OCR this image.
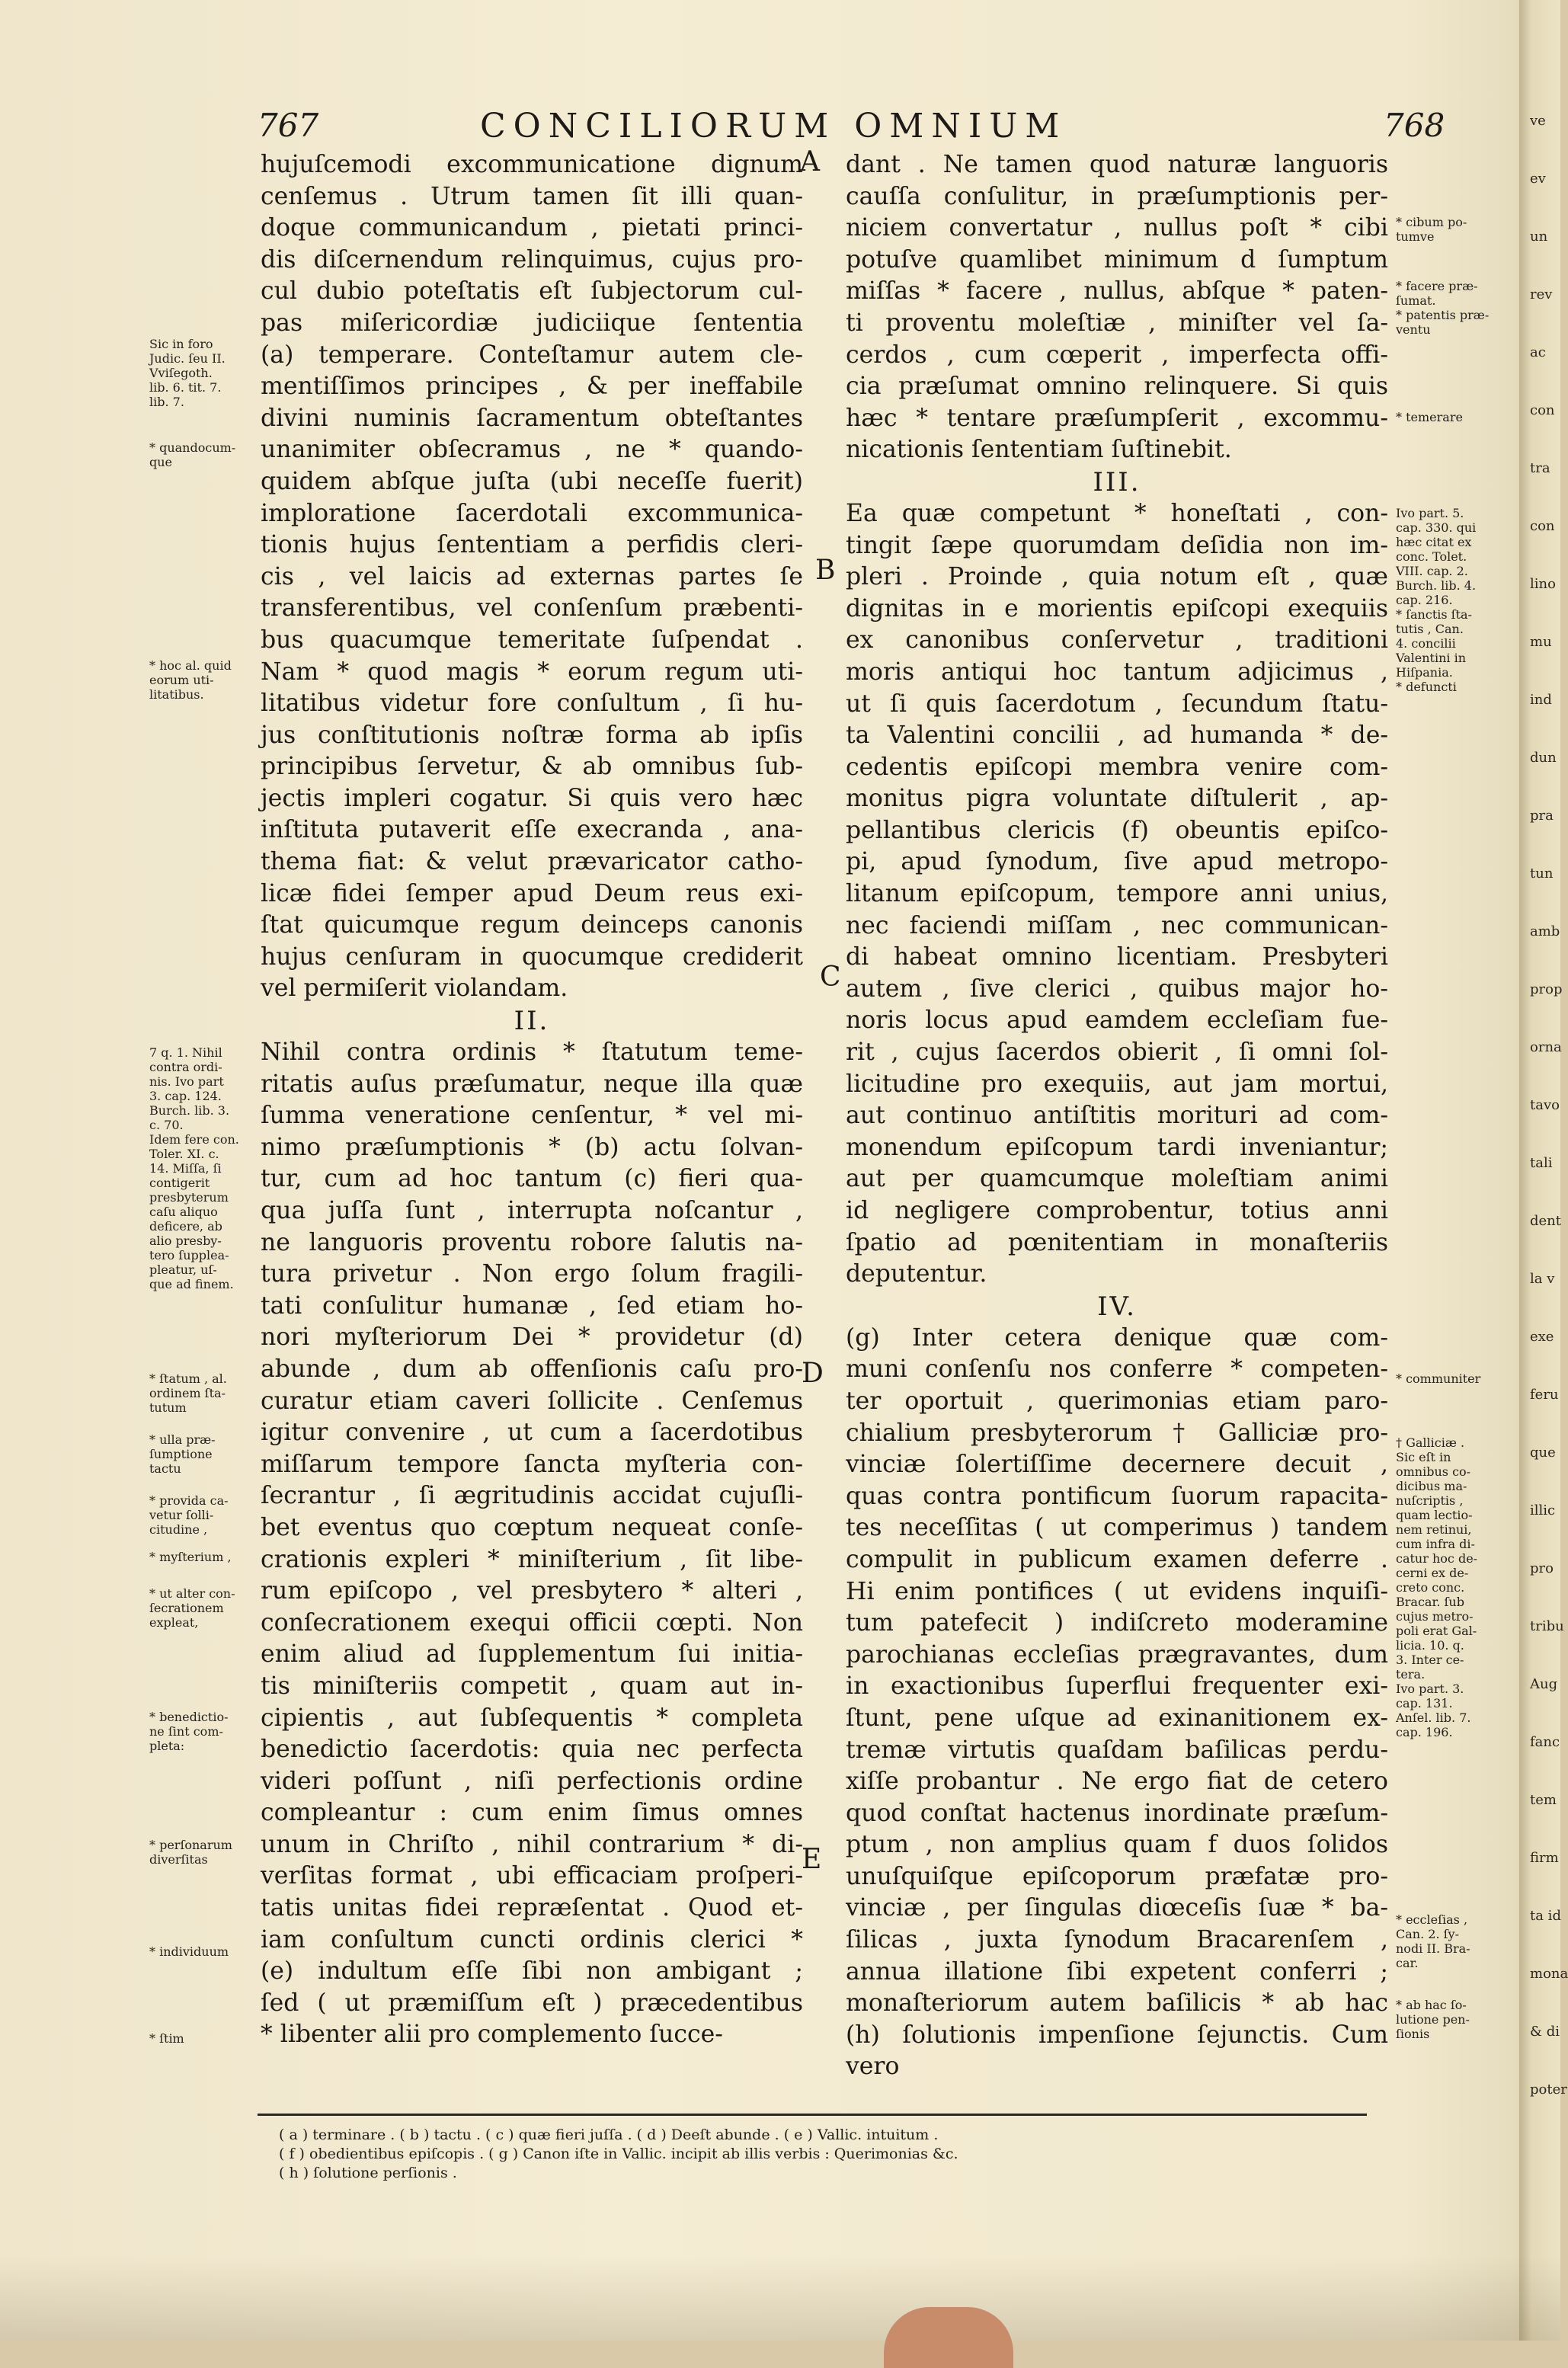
ve
ev
un
rev
ac
con
tra
con
lino
mu
ind
dun
pra
tun
amb
prop
orna
tavo
tali
dent
la v
exe
feru
que
illic
pro
tribu
Aug
fanc
tem
firm
ta id
mona
& di
poter
767	CONCILIORUM OMNIUM	768

hujuſcemodi excommunicatione dignum

cenſemus . Utrum tamen ſit illi quan-

doque communicandum , pietati princi-

dis diſcernendum relinquimus, cujus pro-

cul dubio poteſtatis eſt ſubjectorum cul-

pas miſericordiæ judiciique ſententia

(a) temperare. Conteſtamur autem cle-

mentiſſimos principes , & per ineffabile

divini numinis ſacramentum obteſtantes

unanimiter obſecramus , ne * quando-

quidem abſque juſta (ubi neceſſe fuerit)

imploratione ſacerdotali excommunica-

tionis hujus ſententiam a perfidis cleri-

cis , vel laicis ad externas partes ſe

transferentibus, vel conſenſum præbenti-

bus quacumque temeritate ſuſpendat .

Nam * quod magis * eorum regum uti-

litatibus videtur fore conſultum , ſi hu-

jus conſtitutionis noſtræ forma ab ipſis

principibus ſervetur, & ab omnibus ſub-

jectis impleri cogatur. Si quis vero hæc

inſtituta putaverit eſſe execranda , ana-

thema fiat: & velut prævaricator catho-

licæ fidei ſemper apud Deum reus exi-

ſtat quicumque regum deinceps canonis

hujus cenſuram in quocumque crediderit

vel permiſerit violandam.

II.

Nihil contra ordinis * ſtatutum teme-

ritatis auſus præſumatur, neque illa quæ

ſumma veneratione cenſentur, * vel mi-

nimo præſumptionis * (b) actu ſolvan-

tur, cum ad hoc tantum (c) fieri qua-

qua juſſa ſunt , interrupta noſcantur ,

ne languoris proventu robore ſalutis na-

tura privetur . Non ergo ſolum fragili-

tati conſulitur humanæ , ſed etiam ho-

nori myſteriorum Dei * providetur (d)

abunde , dum ab offenſionis caſu pro-

curatur etiam caveri ſollicite . Cenſemus

igitur convenire , ut cum a ſacerdotibus

miſſarum tempore ſancta myſteria con-

ſecrantur , ſi ægritudinis accidat cujuſli-

bet eventus quo cœptum nequeat conſe-

crationis expleri * miniſterium , ſit libe-

rum epiſcopo , vel presbytero * alteri ,

conſecrationem exequi officii cœpti. Non

enim aliud ad ſupplementum ſui initia-

tis miniſteriis competit , quam aut in-

cipientis , aut ſubſequentis * completa

benedictio ſacerdotis: quia nec perfecta

videri poſſunt , niſi perfectionis ordine

compleantur : cum enim ſimus omnes

unum in Chriſto , nihil contrarium * di-

verſitas format , ubi efficaciam proſperi-

tatis unitas fidei repræſentat . Quod et-

iam conſultum cuncti ordinis clerici *

(e) indultum eſſe ſibi non ambigant ;

ſed ( ut præmiſſum eſt ) præcedentibus

* libenter alii pro complemento ſucce-

dant . Ne tamen quod naturæ languoris

cauſſa conſulitur, in præſumptionis per-

niciem convertatur , nullus poſt * cibi

potuſve quamlibet minimum d ſumptum

miſſas * facere , nullus, abſque * paten-

ti proventu moleſtiæ , miniſter vel ſa-

cerdos , cum cœperit , imperfecta offi-

cia præſumat omnino relinquere. Si quis

hæc * tentare præſumpſerit , excommu-

nicationis ſententiam ſuſtinebit.

III.

Ea quæ competunt * honeſtati , con-

tingit ſæpe quorumdam deſidia non im-

pleri . Proinde , quia notum eſt , quæ

dignitas in e morientis epiſcopi exequiis

ex canonibus conſervetur , traditioni

moris antiqui hoc tantum adjicimus ,

ut ſi quis ſacerdotum , ſecundum ſtatu-

ta Valentini concilii , ad humanda * de-

cedentis epiſcopi membra venire com-

monitus pigra voluntate diſtulerit , ap-

pellantibus clericis (f) obeuntis epiſco-

pi, apud ſynodum, ſive apud metropo-

litanum epiſcopum, tempore anni unius,

nec faciendi miſſam , nec communican-

di habeat omnino licentiam. Presbyteri

autem , ſive clerici , quibus major ho-

noris locus apud eamdem eccleſiam fue-

rit , cujus ſacerdos obierit , ſi omni ſol-

licitudine pro exequiis, aut jam mortui,

aut continuo antiſtitis morituri ad com-

monendum epiſcopum tardi inveniantur;

aut per quamcumque moleſtiam animi

id negligere comprobentur, totius anni

ſpatio ad pœnitentiam in monaſteriis

deputentur.

IV.

(g) Inter cetera denique quæ com-

muni conſenſu nos conferre * competen-

ter oportuit , querimonias etiam paro-

chialium presbyterorum † Galliciæ pro-

vinciæ ſolertiſſime decernere decuit ,

quas contra pontificum ſuorum rapacita-

tes neceſſitas ( ut comperimus ) tandem

compulit in publicum examen deferre .

Hi enim pontifices ( ut evidens inquiſi-

tum patefecit ) indiſcreto moderamine

parochianas eccleſias prægravantes, dum

in exactionibus ſuperflui frequenter exi-

ſtunt, pene uſque ad exinanitionem ex-

tremæ virtutis quaſdam baſilicas perdu-

xiſſe probantur . Ne ergo fiat de cetero

quod conſtat hactenus inordinate præſum-

ptum , non amplius quam f duos ſolidos

unuſquiſque epiſcoporum præfatæ pro-

vinciæ , per ſingulas diœceſis ſuæ * ba-

ſilicas , juxta ſynodum Bracarenſem ,

annua illatione ſibi expetent conferri ;

monaſteriorum autem baſilicis * ab hac

(h) ſolutionis impenſione ſejunctis. Cum

vero

A
B
C
D
E
Sic in foro
Judic. ſeu II.
Vviſegoth.
lib. 6. tit. 7.
lib. 7.
* quandocum-
que
* hoc al. quid
eorum uti-
litatibus.
7 q. 1. Nihil
contra ordi-
nis. Ivo part
3. cap. 124.
Burch. lib. 3.
c. 70.
Idem fere con.
Toler. XI. c.
14. Miſſa, ſi
contigerit
presbyterum
caſu aliquo
deficere, ab
alio presby-
tero ſupplea-
pleatur, uſ-
que ad finem.
* ſtatum , al.
ordinem ſta-
tutum
* ulla præ-
ſumptione
tactu
* provida ca-
vetur ſolli-
citudine ,
* myſterium ,
* ut alter con-
ſecrationem
expleat,
* benedictio-
ne ſint com-
pleta:
* perſonarum
diverſitas
* individuum
* ſtim
* cibum po-
tumve
* facere præ-
ſumat.
* patentis præ-
ventu
* temerare
Ivo part. 5.
cap. 330. qui
hæc citat ex
conc. Tolet.
VIII. cap. 2.
Burch. lib. 4.
cap. 216.
* ſanctis ſta-
tutis , Can.
4. concilii
Valentini in
Hiſpania.
* defuncti
* communiter
† Galliciæ .
Sic eſt in
omnibus co-
dicibus ma-
nuſcriptis ,
quam lectio-
nem retinui,
cum infra di-
catur hoc de-
cerni ex de-
creto conc.
Bracar. ſub
cujus metro-
poli erat Gal-
licia. 10. q.
3. Inter ce-
tera.
Ivo part. 3.
cap. 131.
Anſel. lib. 7.
cap. 196.
* eccleſias ,
Can. 2. ſy-
nodi II. Bra-
car.
* ab hac ſo-
lutione pen-
ſionis
( a ) terminare . ( b ) tactu . ( c ) quæ fieri juſſa . ( d ) Deeſt abunde . ( e ) Vallic. intuitum .
( f ) obedientibus epiſcopis . ( g ) Canon iſte in Vallic. incipit ab illis verbis : Querimonias &c.
( h ) ſolutione perſionis .
